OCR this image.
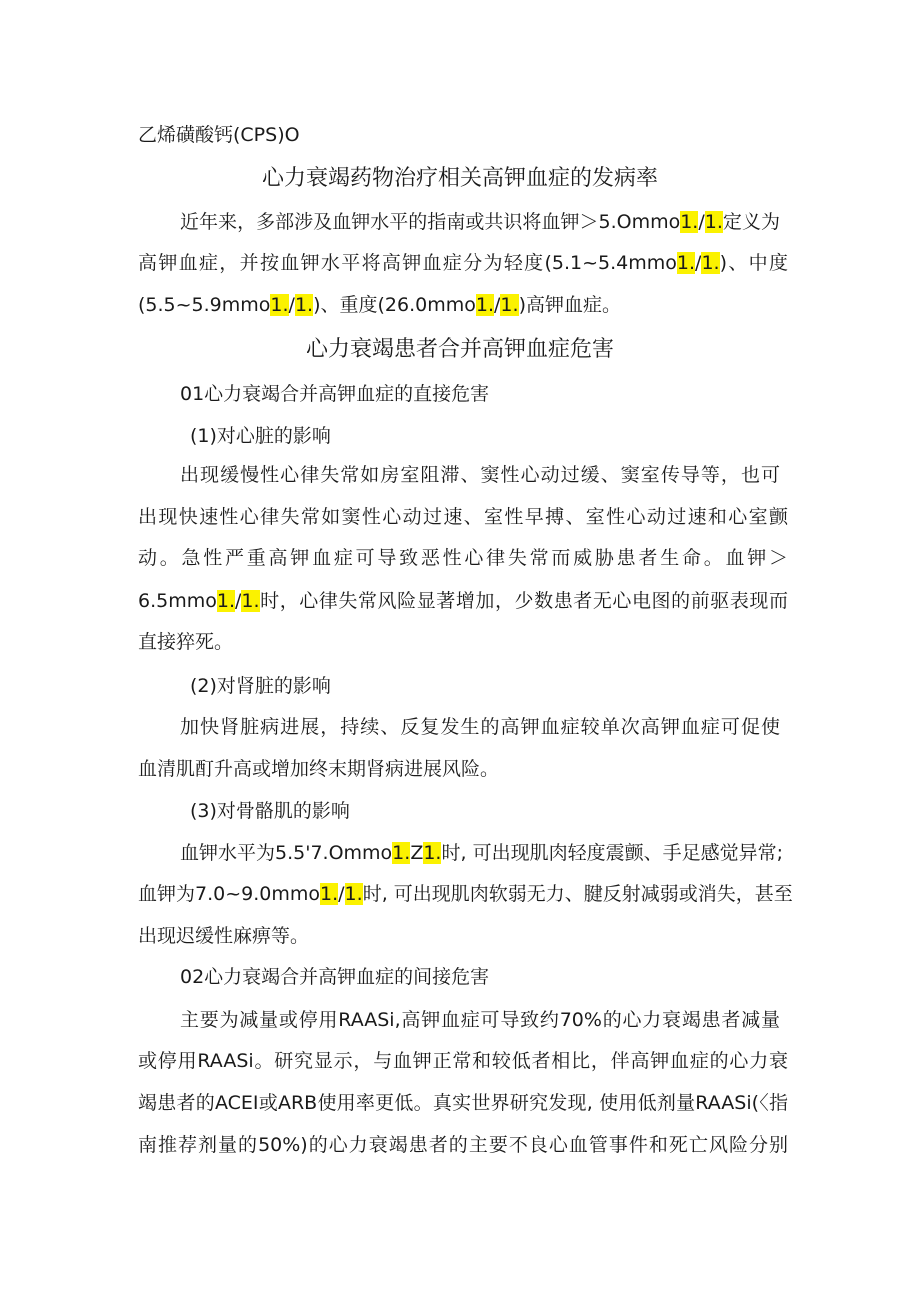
乙烯磺酸钙(CPS)O
心力衰竭药物治疗相关高钾血症的发病率
近年来，多部涉及血钾水平的指南或共识将血钾＞5.Ommo1./1.定义为
高钾血症，并按血钾水平将高钾血症分为轻度(5.1~5.4mmo1./1.)、中度
(5.5~5.9mmo1./1.)、重度(26.0mmo1./1.)高钾血症。
心力衰竭患者合并高钾血症危害
01心力衰竭合并高钾血症的直接危害
(1)对心脏的影响
出现缓慢性心律失常如房室阻滞、窦性心动过缓、窦室传导等，也可
出现快速性心律失常如窦性心动过速、室性早搏、室性心动过速和心室颤
动。急性严重高钾血症可导致恶性心律失常而威胁患者生命。血钾＞
6.5mmo1./1.时，心律失常风险显著增加，少数患者无心电图的前驱表现而
直接猝死。
(2)对肾脏的影响
加快肾脏病进展，持续、反复发生的高钾血症较单次高钾血症可促使
血清肌酊升高或增加终末期肾病进展风险。
(3)对骨骼肌的影响
血钾水平为5.5'7.Ommo1.Z1.时, 可出现肌肉轻度震颤、手足感觉异常;
血钾为7.0~9.0mmo1./1.时, 可出现肌肉软弱无力、腱反射减弱或消失，甚至
出现迟缓性麻痹等。
02心力衰竭合并高钾血症的间接危害
主要为减量或停用RAASi,高钾血症可导致约70%的心力衰竭患者减量
或停用RAASi。研究显示，与血钾正常和较低者相比，伴高钾血症的心力衰
竭患者的ACEI或ARB使用率更低。真实世界研究发现, 使用低剂量RAASi(〈指
南推荐剂量的50%)的心力衰竭患者的主要不良心血管事件和死亡风险分别
